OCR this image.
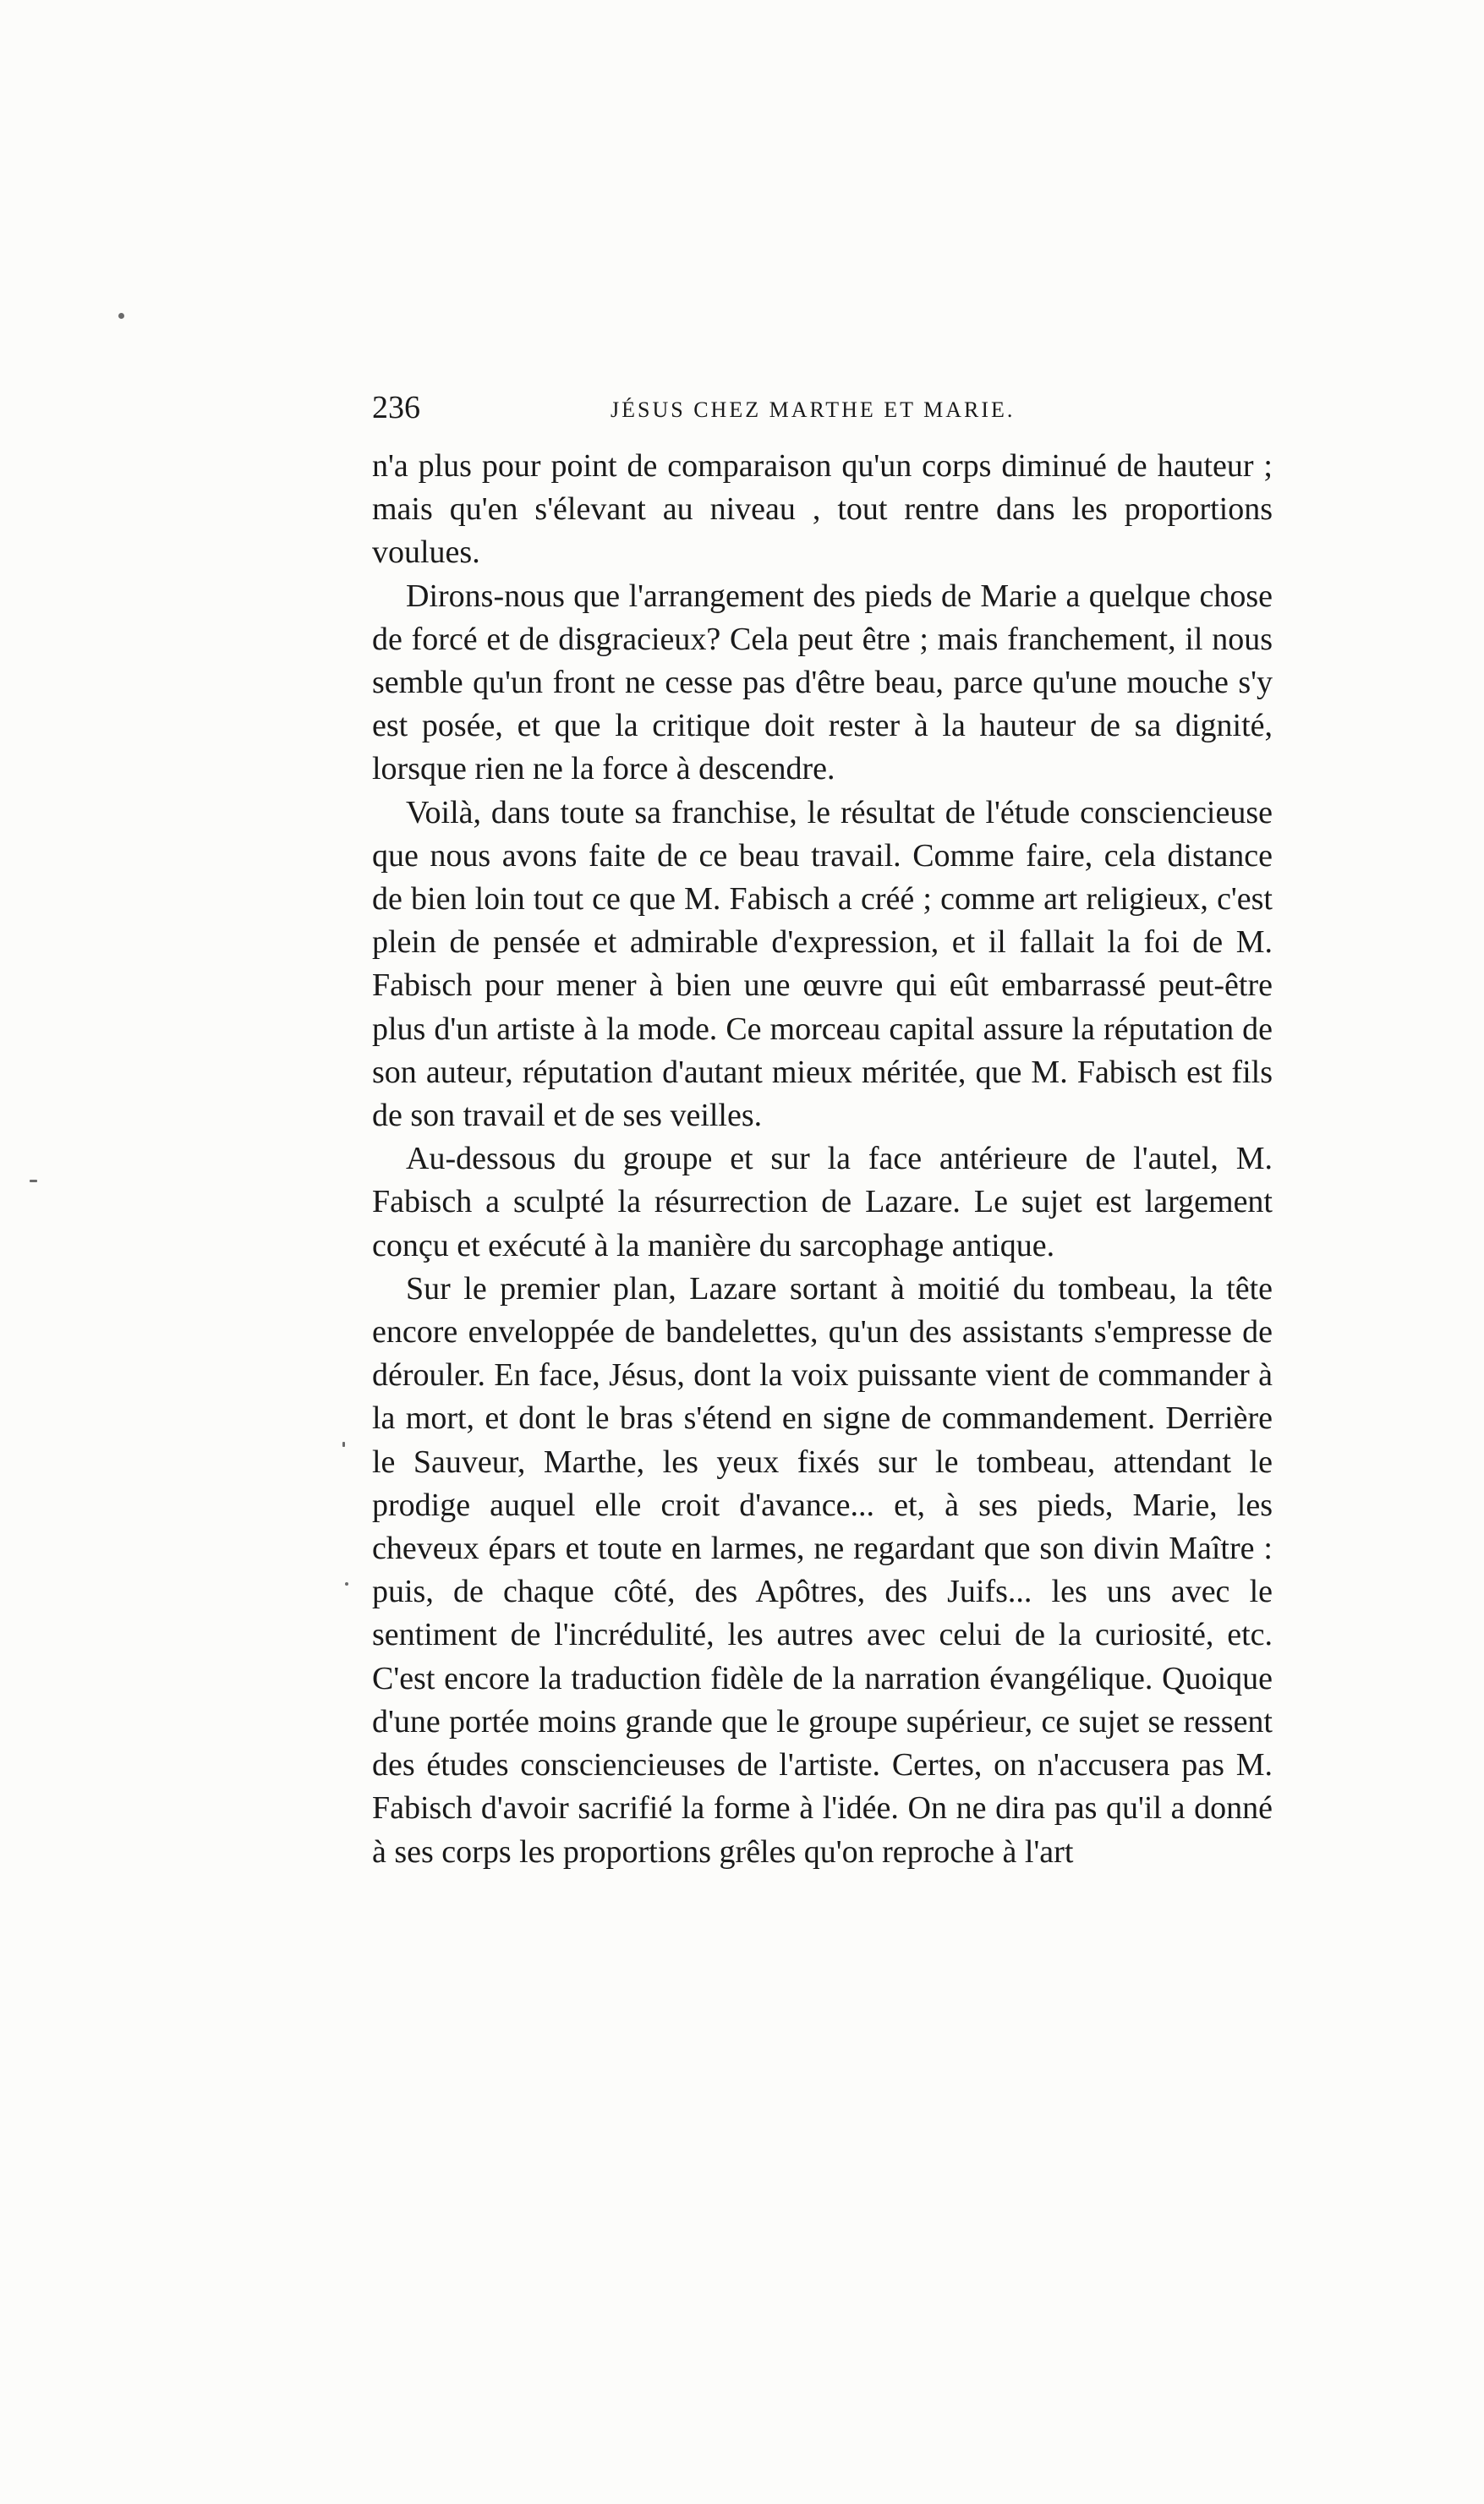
236	JÉSUS CHEZ MARTHE ET MARIE.

n'a plus pour point de comparaison qu'un corps diminué de hauteur ; mais qu'en s'élevant au niveau , tout rentre dans les proportions voulues.

Dirons-nous que l'arrangement des pieds de Marie a quelque chose de forcé et de disgracieux? Cela peut être ; mais franchement, il nous semble qu'un front ne cesse pas d'être beau, parce qu'une mouche s'y est posée, et que la critique doit rester à la hauteur de sa dignité, lorsque rien ne la force à descendre.

Voilà, dans toute sa franchise, le résultat de l'étude consciencieuse que nous avons faite de ce beau travail. Comme faire, cela distance de bien loin tout ce que M. Fabisch a créé ; comme art religieux, c'est plein de pensée et admirable d'expression, et il fallait la foi de M. Fabisch pour mener à bien une œuvre qui eût embarrassé peut-être plus d'un artiste à la mode. Ce morceau capital assure la réputation de son auteur, réputation d'autant mieux méritée, que M. Fabisch est fils de son travail et de ses veilles.

Au-dessous du groupe et sur la face antérieure de l'autel, M. Fabisch a sculpté la résurrection de Lazare. Le sujet est largement conçu et exécuté à la manière du sarcophage antique.

Sur le premier plan, Lazare sortant à moitié du tombeau, la tête encore enveloppée de bandelettes, qu'un des assistants s'empresse de dérouler. En face, Jésus, dont la voix puissante vient de commander à la mort, et dont le bras s'étend en signe de commandement. Derrière le Sauveur, Marthe, les yeux fixés sur le tombeau, attendant le prodige auquel elle croit d'avance... et, à ses pieds, Marie, les cheveux épars et toute en larmes, ne regardant que son divin Maître : puis, de chaque côté, des Apôtres, des Juifs... les uns avec le sentiment de l'incrédulité, les autres avec celui de la curiosité, etc. C'est encore la traduction fidèle de la narration évangélique. Quoique d'une portée moins grande que le groupe supérieur, ce sujet se ressent des études consciencieuses de l'artiste. Certes, on n'accusera pas M. Fabisch d'avoir sacrifié la forme à l'idée. On ne dira pas qu'il a donné à ses corps les proportions grêles qu'on reproche à l'art
